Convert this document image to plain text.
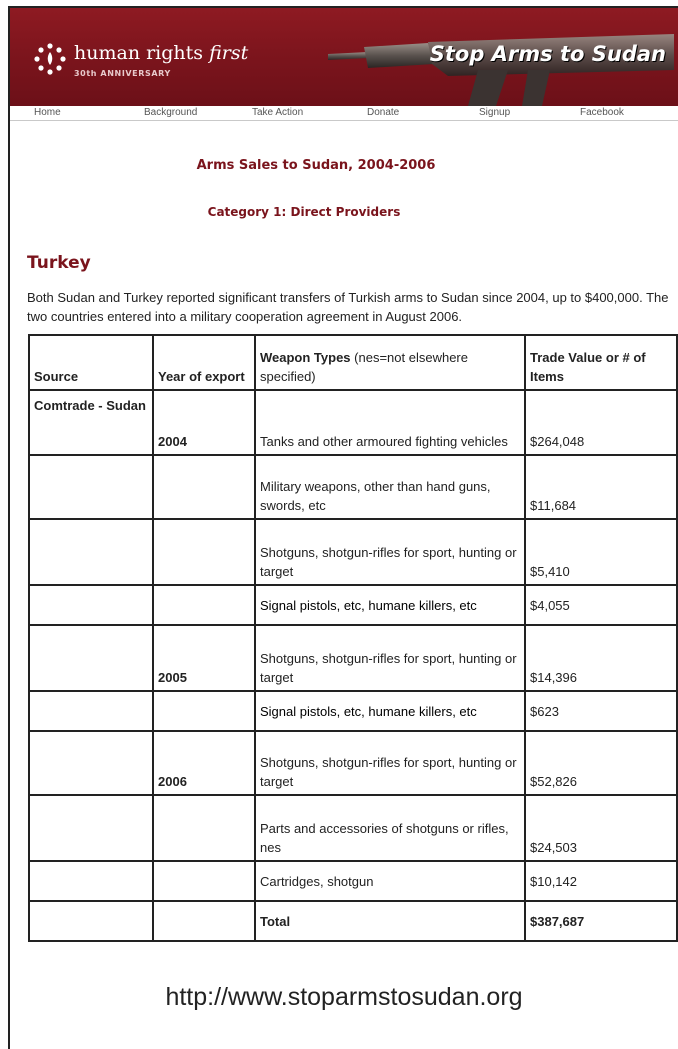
human rights first
30th ANNIVERSARY
Stop Arms to Sudan
Home	Background	Take Action	Donate	Signup	Facebook
Arms Sales to Sudan, 2004-2006
Category 1: Direct Providers
Turkey
Both Sudan and Turkey reported significant transfers of Turkish arms to Sudan since 2004, up to $400,000. The two countries entered into a military cooperation agreement in August 2006.
Source	Year of export	Weapon Types (nes=not elsewhere specified)	Trade Value or # of Items
Comtrade - Sudan	2004	Tanks and other armoured fighting vehicles	$264,048
		Military weapons, other than hand guns, swords, etc	$11,684
		Shotguns, shotgun-rifles for sport, hunting or target	$5,410
		Signal pistols, etc, humane killers, etc	$4,055
	2005	Shotguns, shotgun-rifles for sport, hunting or target	$14,396
		Signal pistols, etc, humane killers, etc	$623
	2006	Shotguns, shotgun-rifles for sport, hunting or target	$52,826
		Parts and accessories of shotguns or rifles, nes	$24,503
		Cartridges, shotgun	$10,142
		Total	$387,687
http://www.stoparmstosudan.org
